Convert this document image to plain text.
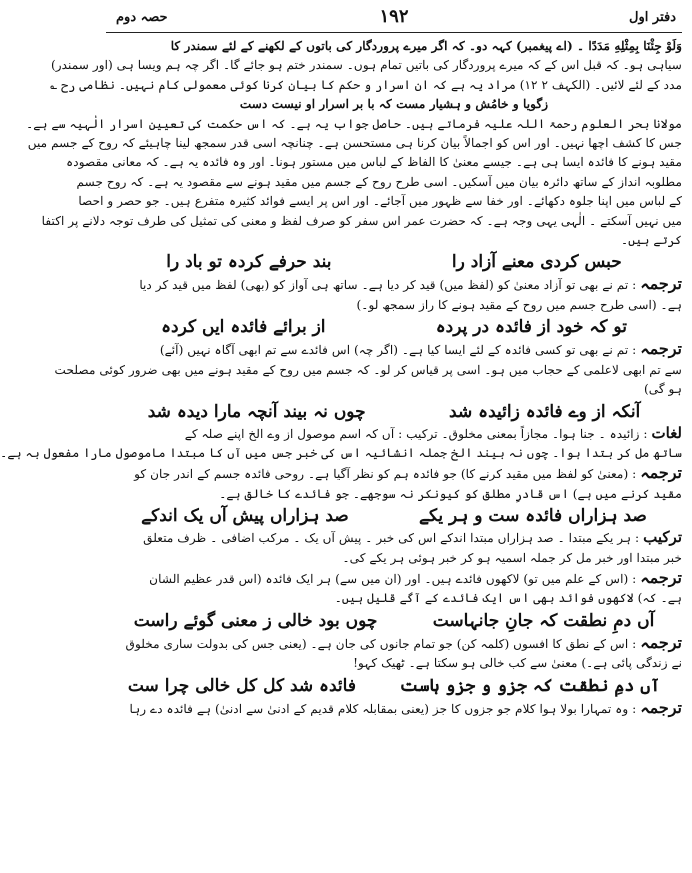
حصہ دوم	۱۹۲	دفتر اول
وَلَوْ جِئْنَا بِمِثْلِهِ مَدَدًا ۔ (اے پیغمبر) کہہ دو۔ کہ اگر میرے پروردگار کی باتوں کے لکھنے کے لئے سمندر کا
سیاہی ہو۔ کہ قبل اس کے کہ میرے پروردگار کی باتیں تمام ہوں۔ سمندر ختم ہو جائے گا۔ اگر چہ ہم ویسا ہی (اور سمندر)
مدد کے لئے لائیں۔ (الکہف ۲ ۱۲) مراد یہ ہے کہ ان اسرار و حکم کا بیان کرنا کوئی معمولی کام نہیں۔ نظامی رح ؎
زگویا و خامُش و ہشیار مست کہ با بر اسرار او نیست دست
مولانا بحر العلوم رحمۃ اللہ علیہ فرماتے ہیں۔ حاصل جواب یہ ہے۔ کہ اس حکمت کی تعیین اسرار الٰہیہ سے ہے۔
جس کا کشف اچھا نہیں۔ اور اس کو اجمالاً بیان کرنا ہی مستحسن ہے۔ چنانچہ اسی قدر سمجھ لینا چاہیئے کہ روح کے جسم میں
مقید ہونے کا فائدہ ایسا ہی ہے۔ جیسے معنیٰ کا الفاظ کے لباس میں مستور ہونا۔ اور وہ فائدہ یہ ہے۔ کہ معانی مقصودہ
مطلوبہ انداز کے ساتھ دائرہ بیان میں آسکیں۔ اسی طرح روح کے جسم میں مقید ہونے سے مقصود یہ ہے۔ کہ روح جسم
کے لباس میں اپنا جلوہ دکھائے۔ اور خفا سے ظہور میں آجائے۔ اور اس پر ایسے فوائد کثیرہ متفرع ہیں۔ جو حصر و احصا
میں نہیں آسکتے ۔ الٰہی یہی وجہ ہے۔ کہ حضرت عمر اس سفر کو صرف لفظ و معنی کی تمثیل کی طرف توجہ دلانے پر اکتفا
کرتے ہیں۔
حبس کردی معنے آزاد را
بند حرفے کردہ تو باد را
ترجمہ: تم نے بھی تو آزاد معنیٰ کو (لفظ میں) قید کر دیا ہے۔ ساتھ ہی آواز کو (بھی) لفظ میں قید کر دیا
ہے۔ (اسی طرح جسم میں روح کے مقید ہونے کا راز سمجھ لو۔)
تو کہ خود از فائدہ در پردہ
از برائے فائدہ ایں کردہ
ترجمہ: تم نے بھی تو کسی فائدہ کے لئے ایسا کیا ہے۔ (اگر چہ) اس فائدے سے تم ابھی آگاہ نہیں (آئے)
سے تم ابھی لاعلمی کے حجاب میں ہو۔ اسی پر قیاس کر لو۔ کہ جسم میں روح کے مقید ہونے میں بھی ضرور کوئی مصلحت
ہو گی)
آنکہ از وے فائدہ زائیدہ شد
چوں نہ بیند آنچہ مارا دیدہ شد
لغات: زائیدہ ۔ جنا ہوا۔ مجازاً بمعنی مخلوق۔ ترکیب : آں کہ اسم موصول از وے الخ اپنے صلہ کے
ساتھ مل کر بتدا ہوا۔ چوں نہ بیند الخ جملہ انشائیہ اس کی خبر جس میں آں کا مبتدا ماموصول مارا مفعول بہ ہے۔
ترجمہ: (معنیٰ کو لفظ میں مقید کرنے کا) جو فائدہ ہم کو نظر آگیا ہے۔ روحی فائدہ جسم کے اندر جان کو
مقید کرنے میں ہے) اس قادرِ مطلق کو کیونکر نہ سوجھے۔ جو فائدے کا خالق ہے۔
صد ہزاراں فائدہ ست و ہر یکے
صد ہزاراں پیش آں یک اندکے
ترکیب: ہر یکے مبتدا ۔ صد ہزاراں مبتدا اندکے اس کی خبر ۔ پیش آں یک ۔ مرکب اضافی ۔ ظرف متعلق
خبر مبتدا اور خبر مل کر جملہ اسمیہ ہو کر خبر ہوئی ہر یکے کی۔
ترجمہ: (اس کے علم میں تو) لاکھوں فائدے ہیں۔ اور (ان میں سے) ہر ایک فائدہ (اس قدر عظیم الشان
ہے۔ کہ) لاکھوں فوائد بھی اس ایک فائدے کے آگے قلیل ہیں۔
آں دمِ نطقت کہ جانِ جانہاست
چوں بود خالی ز معنی گوئے راست
ترجمہ: اس کے نطق کا افسوں (کلمہ کن) جو تمام جانوں کی جان ہے۔ (یعنی جس کی بدولت ساری مخلوق
نے زندگی پائی ہے۔) معنیٰ سے کب خالی ہو سکتا ہے۔ ٹھیک کہو!
آں دمِ نطقت کہ جزو و جزو ہاست
فائدہ شد کل کل خالی چرا ست
ترجمہ: وہ تمہارا بولا ہوا کلام جو جزوں کا جز (یعنی بمقابلہ کلام قدیم کے ادنیٰ سے ادنیٰ) ہے فائدہ دے رہا
